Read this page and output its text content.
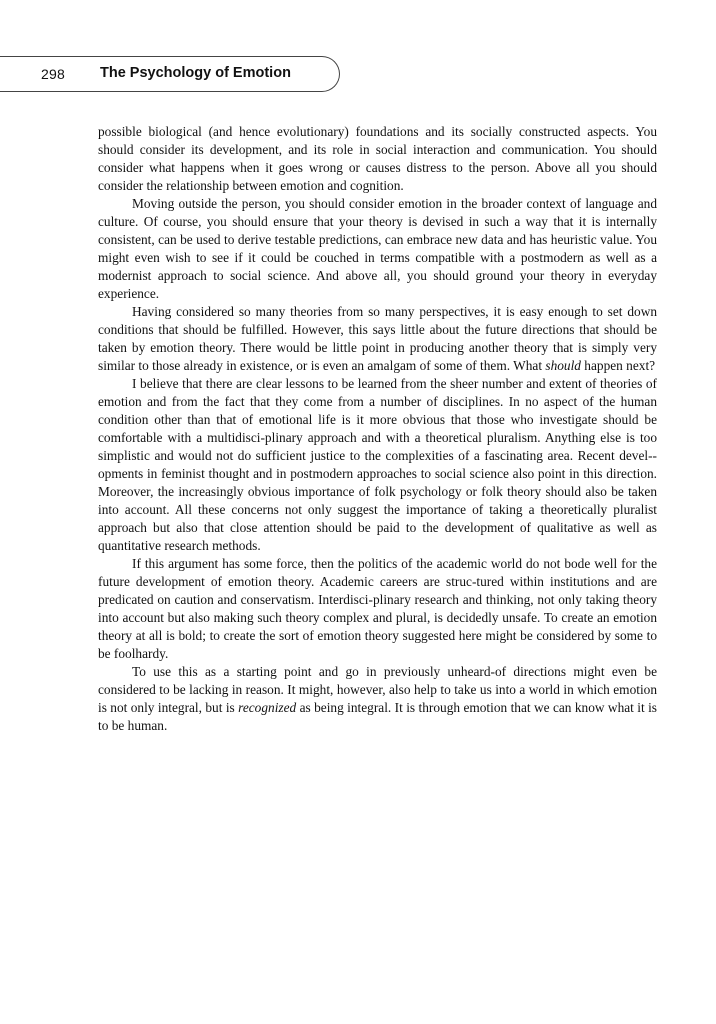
298 The Psychology of Emotion

possible biological (and hence evolutionary) foundations and its socially constructed aspects. You should consider its development, and its role in social interaction and communication. You should consider what happens when it goes wrong or causes distress to the person. Above all you should consider the relationship between emotion and cognition.

Moving outside the person, you should consider emotion in the broader context of language and culture. Of course, you should ensure that your theory is devised in such a way that it is internally consistent, can be used to derive testable predictions, can embrace new data and has heuristic value. You might even wish to see if it could be couched in terms compatible with a postmodern as well as a modernist approach to social science. And above all, you should ground your theory in everyday experience.

Having considered so many theories from so many perspectives, it is easy enough to set down conditions that should be fulfilled. However, this says little about the future directions that should be taken by emotion theory. There would be little point in producing another theory that is simply very similar to those already in existence, or is even an amalgam of some of them. What should happen next?

I believe that there are clear lessons to be learned from the sheer number and extent of theories of emotion and from the fact that they come from a number of disciplines. In no aspect of the human condition other than that of emotional life is it more obvious that those who investigate should be comfortable with a multidisci-plinary approach and with a theoretical pluralism. Anything else is too simplistic and would not do sufficient justice to the complexities of a fascinating area. Recent devel-opments in feminist thought and in postmodern approaches to social science also point in this direction. Moreover, the increasingly obvious importance of folk psychology or folk theory should also be taken into account. All these concerns not only suggest the importance of taking a theoretically pluralist approach but also that close attention should be paid to the development of qualitative as well as quantitative research methods.

If this argument has some force, then the politics of the academic world do not bode well for the future development of emotion theory. Academic careers are struc-tured within institutions and are predicated on caution and conservatism. Interdisci-plinary research and thinking, not only taking theory into account but also making such theory complex and plural, is decidedly unsafe. To create an emotion theory at all is bold; to create the sort of emotion theory suggested here might be considered by some to be foolhardy.

To use this as a starting point and go in previously unheard-of directions might even be considered to be lacking in reason. It might, however, also help to take us into a world in which emotion is not only integral, but is recognized as being integral. It is through emotion that we can know what it is to be human.
